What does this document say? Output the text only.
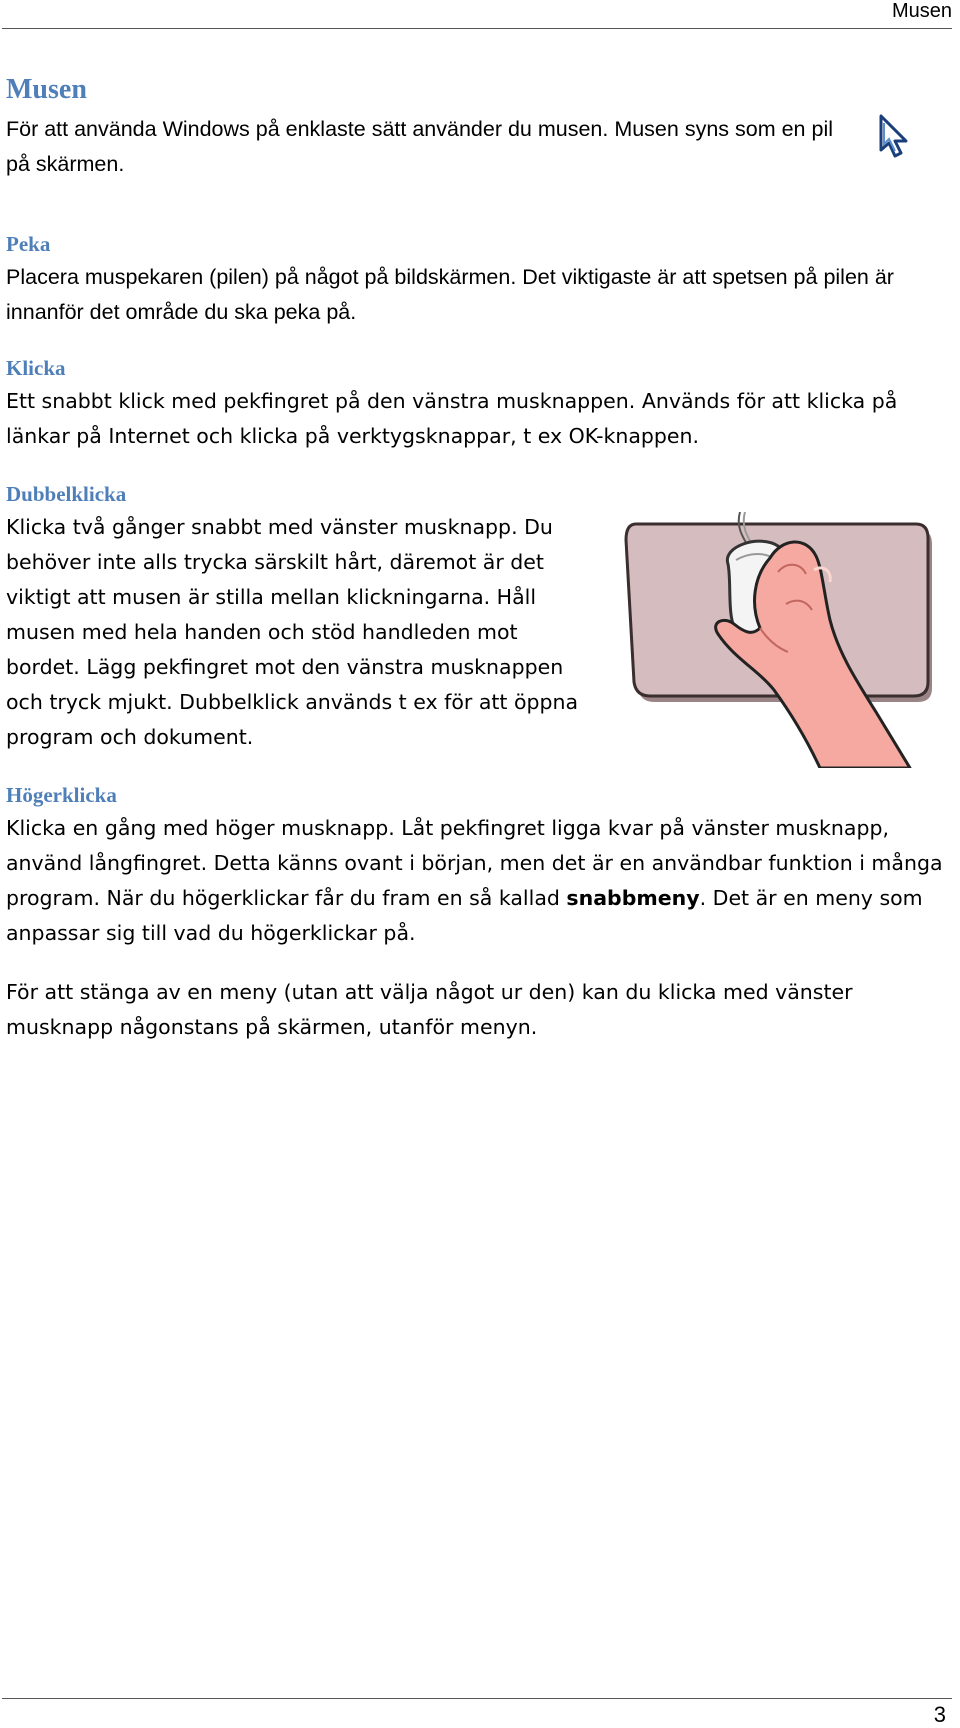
Musen
Musen

För att använda Windows på enklaste sätt använder du musen. Musen syns som en pil på skärmen.

Peka

Placera muspekaren (pilen) på något på bildskärmen. Det viktigaste är att spetsen på pilen är innanför det område du ska peka på.

Klicka

Ett snabbt klick med pekfingret på den vänstra musknappen. Används för att klicka på länkar på Internet och klicka på verktygsknappar, t ex OK-knappen.

Dubbelklicka

Klicka två gånger snabbt med vänster musknapp. Du behöver inte alls trycka särskilt hårt, däremot är det viktigt att musen är stilla mellan klickningarna. Håll musen med hela handen och stöd handleden mot bordet. Lägg pekfingret mot den vänstra musknappen och tryck mjukt. Dubbelklick används t ex för att öppna program och dokument.

Högerklicka

Klicka en gång med höger musknapp. Låt pekfingret ligga kvar på vänster musknapp, använd långfingret. Detta känns ovant i början, men det är en användbar funktion i många program. När du högerklickar får du fram en så kallad snabbmeny. Det är en meny som anpassar sig till vad du högerklickar på.

För att stänga av en meny (utan att välja något ur den) kan du klicka med vänster musknapp någonstans på skärmen, utanför menyn.

3
